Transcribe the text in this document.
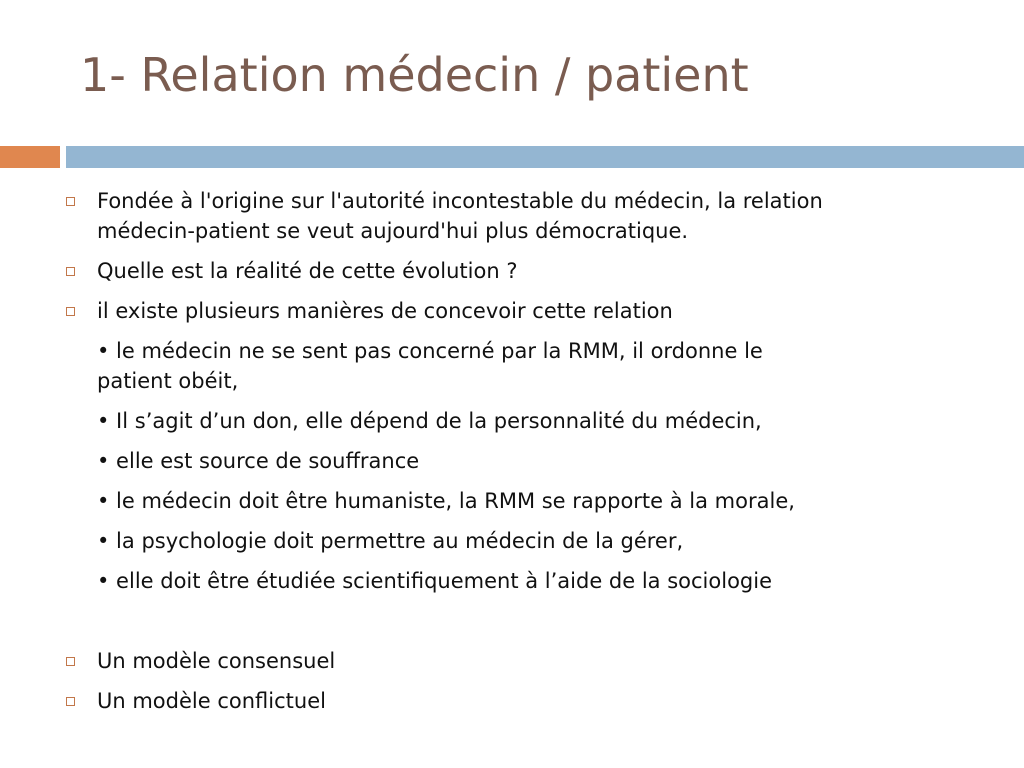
1- Relation médecin / patient
Fondée à l'origine sur l'autorité incontestable du médecin, la relation
médecin-patient se veut aujourd'hui plus démocratique.
Quelle est la réalité de cette évolution ?
il existe plusieurs manières de concevoir cette relation
• le médecin ne se sent pas concerné par la RMM, il ordonne le
patient obéit,
• Il s’agit d’un don, elle dépend de la personnalité du médecin,
• elle est source de souffrance
• le médecin doit être humaniste, la RMM se rapporte à la morale,
• la psychologie doit permettre au médecin de la gérer,
• elle doit être étudiée scientifiquement à l’aide de la sociologie
Un modèle consensuel
Un modèle conflictuel
